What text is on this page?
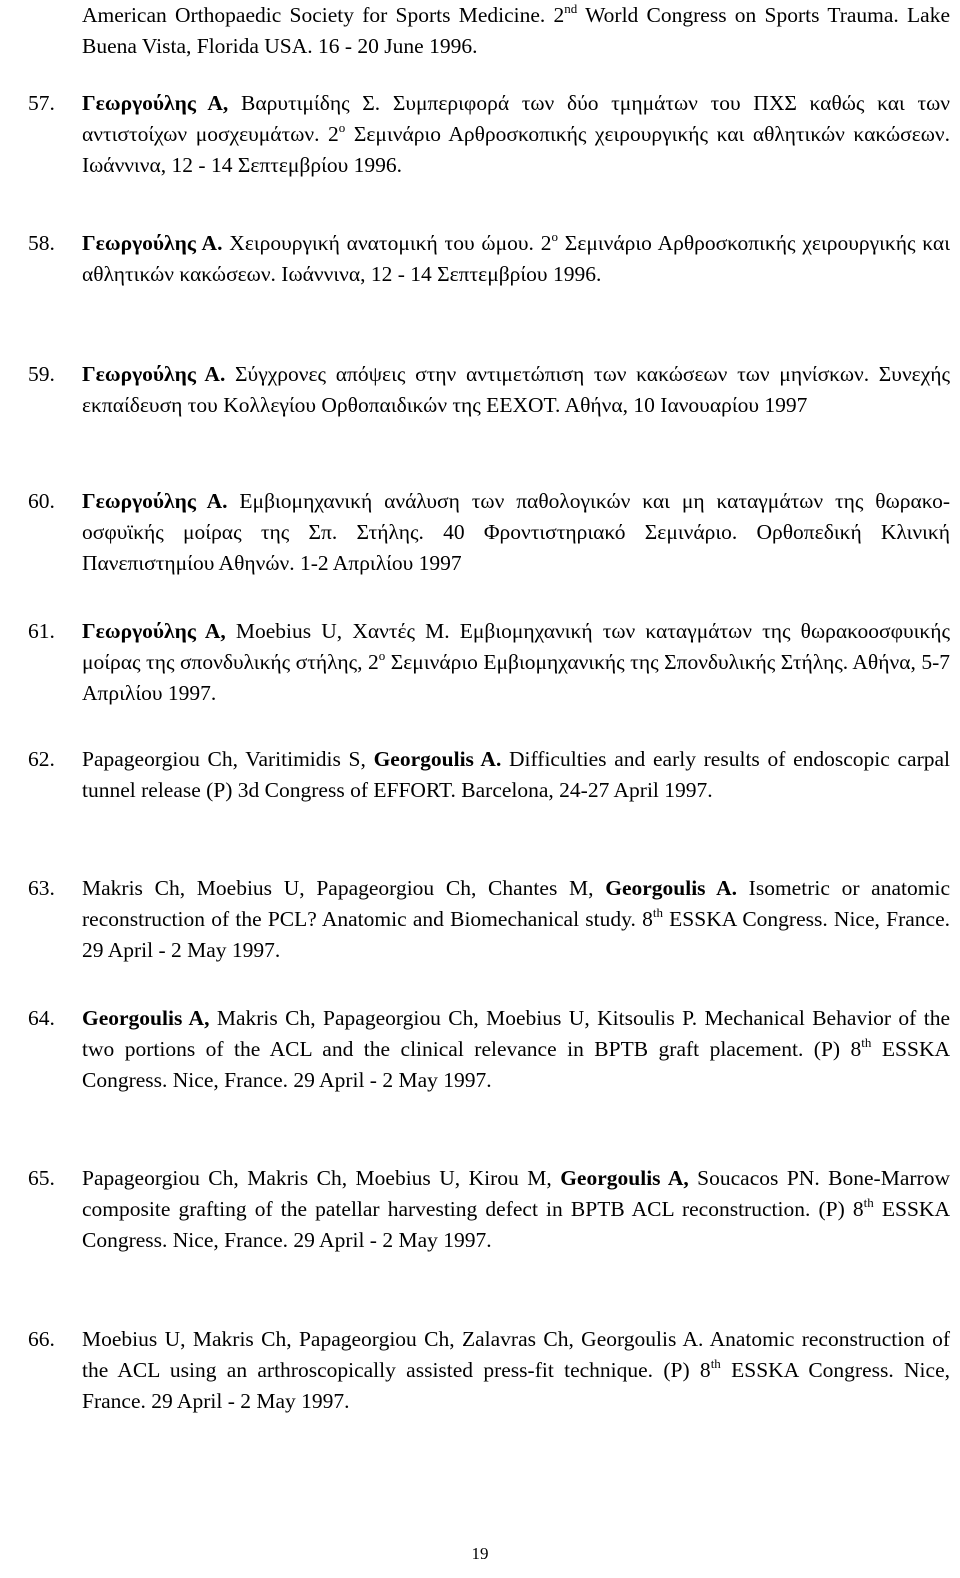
American Orthopaedic Society for Sports Medicine. 2nd World Congress on Sports Trauma. Lake Buena Vista, Florida USA. 16 - 20 June 1996.
57.	Γεωργούλης Α, Βαρυτιμίδης Σ. Συμπεριφορά των δύο τμημάτων του ΠΧΣ καθώς και των αντιστοίχων μοσχευμάτων. $2^o$ Σεμινάριο Αρθροσκοπικής χειρουργικής και αθλητικών κακώσεων. Ιωάννινα, 12 - 14 Σεπτεμβρίου 1996.
58.	Γεωργούλης Α. Χειρουργική ανατομική του ώμου. $2^o$ Σεμινάριο Αρθροσκοπικής χειρουργικής και αθλητικών κακώσεων. Ιωάννινα, 12 - 14 Σεπτεμβρίου 1996.
59.	Γεωργούλης Α. Σύγχρονες απόψεις στην αντιμετώπιση των κακώσεων των μηνίσκων. Συνεχής εκπαίδευση του Κολλεγίου Ορθοπαιδικών της ΕΕΧΟΤ. Αθήνα, 10 Ιανουαρίου 1997
60.	Γεωργούλης Α. Εμβιομηχανική ανάλυση των παθολογικών και μη καταγμάτων της θωρακο-οσφυϊκής μοίρας της Σπ. Στήλης. 40 Φροντιστηριακό Σεμινάριο. Ορθοπεδική Κλινική Πανεπιστημίου Αθηνών. 1-2 Απριλίου 1997
61.	Γεωργούλης Α, Moebius U, Χαντές Μ. Εμβιομηχανική των καταγμάτων της θωρακοοσφυικής μοίρας της σπονδυλικής στήλης, $2^o$ Σεμινάριο Εμβιομηχανικής της Σπονδυλικής Στήλης. Αθήνα, 5-7 Απριλίου 1997.
62.	Papageorgiou Ch, Varitimidis S, Georgoulis A. Difficulties and early results of endoscopic carpal tunnel release (P) 3d Congress of EFFORT. Barcelona, 24-27 April 1997.
63.	Makris Ch, Moebius U, Papageorgiou Ch, Chantes M, Georgoulis A. Isometric or anatomic reconstruction of the PCL? Anatomic and Biomechanical study. 8th ESSKA Congress. Nice, France. 29 April - 2 May 1997.
64.	Georgoulis A, Makris Ch, Papageorgiou Ch, Moebius U, Kitsoulis P. Mechanical Behavior of the two portions of the ACL and the clinical relevance in BPTB graft placement. (P) 8th ESSKA Congress. Nice, France. 29 April - 2 May 1997.
65.	Papageorgiou Ch, Makris Ch, Moebius U, Kirou M, Georgoulis A, Soucacos PN. Bone-Marrow composite grafting of the patellar harvesting defect in BPTB ACL reconstruction. (P) 8th ESSKA Congress. Nice, France. 29 April - 2 May 1997.
66.	Moebius U, Makris Ch, Papageorgiou Ch, Zalavras Ch, Georgoulis A. Anatomic reconstruction of the ACL using an arthroscopically assisted press-fit technique. (P) 8th ESSKA Congress. Nice, France. 29 April - 2 May 1997.
19
